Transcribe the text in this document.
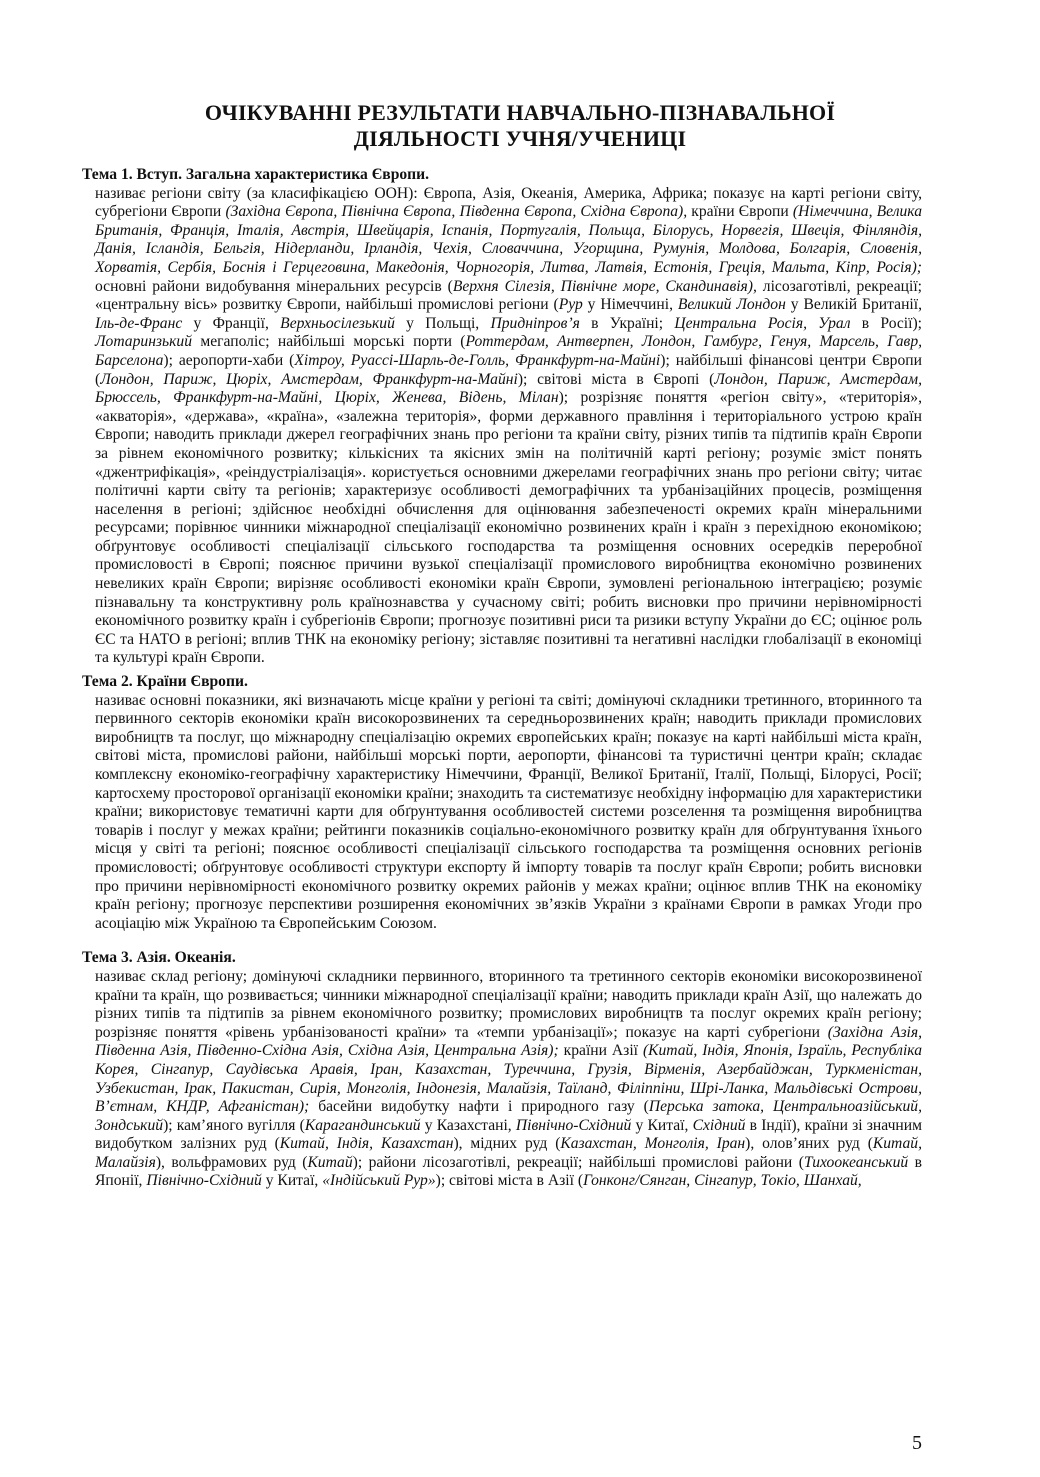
ОЧІКУВАННІ РЕЗУЛЬТАТИ НАВЧАЛЬНО-ПІЗНАВАЛЬНОЇ
ДІЯЛЬНОСТІ УЧНЯ/УЧЕНИЦІ

Тема 1. Вступ. Загальна характеристика Європи.

називає регіони світу (за класифікацією ООН): Європа, Азія, Океанія, Америка, Африка; показує на карті регіони світу, субрегіони Європи (Західна Європа, Північна Європа, Південна Європа, Східна Європа), країни Європи (Німеччина, Велика Британія, Франція, Італія, Австрія, Швейцарія, Іспанія, Португалія, Польща, Білорусь, Норвегія, Швеція, Фінляндія, Данія, Ісландія, Бельгія, Нідерланди, Ірландія, Чехія, Словаччина, Угорщина, Румунія, Молдова, Болгарія, Словенія, Хорватія, Сербія, Боснія і Герцеговина, Македонія, Чорногорія, Литва, Латвія, Естонія, Греція, Мальта, Кіпр, Росія); основні райони видобування мінеральних ресурсів (Верхня Сілезія, Північне море, Скандинавія), лісозаготівлі, рекреації; «центральну вісь» розвитку Європи, найбільші промислові регіони (Рур у Німеччині, Великий Лондон у Великій Британії, Іль-де-Франс у Франції, Верхньосілезький у Польщі, Придніпров’я в Україні; Центральна Росія, Урал в Росії); Лотаринзький мегаполіс; найбільші морські порти (Роттердам, Антверпен, Лондон, Гамбург, Генуя, Марсель, Гавр, Барселона); аеропорти-хаби (Хітроу, Руассі-Шарль-де-Голль, Франкфурт-на-Майні); найбільші фінансові центри Європи (Лондон, Париж, Цюріх, Амстердам, Франкфурт-на-Майні); світові міста в Європі (Лондон, Париж, Амстердам, Брюссель, Франкфурт-на-Майні, Цюріх, Женева, Відень, Мілан); розрізняє поняття «регіон світу», «територія», «акваторія», «держава», «країна», «залежна територія», форми державного правління і територіального устрою країн Європи; наводить приклади джерел географічних знань про регіони та країни світу, різних типів та підтипів країн Європи за рівнем економічного розвитку; кількісних та якісних змін на політичній карті регіону; розуміє зміст понять «джентрифікація», «реіндустріалізація». користується основними джерелами географічних знань про регіони світу; читає політичні карти світу та регіонів; характеризує особливості демографічних та урбанізаційних процесів, розміщення населення в регіоні; здійснює необхідні обчислення для оцінювання забезпеченості окремих країн мінеральними ресурсами; порівнює чинники міжнародної спеціалізації економічно розвинених країн і країн з перехідною економікою; обґрунтовує особливості спеціалізації сільського господарства та розміщення основних осередків переробної промисловості в Європі; пояснює причини вузької спеціалізації промислового виробництва економічно розвинених невеликих країн Європи; вирізняє особливості економіки країн Європи, зумовлені регіональною інтеграцією; розуміє пізнавальну та конструктивну роль країнознавства у сучасному світі; робить висновки про причини нерівномірності економічного розвитку країн і субрегіонів Європи; прогнозує позитивні риси та ризики вступу України до ЄС; оцінює роль ЄС та НАТО в регіоні; вплив ТНК на економіку регіону; зіставляє позитивні та негативні наслідки глобалізації в економіці та культурі країн Європи.

Тема 2. Країни Європи.

називає основні показники, які визначають місце країни у регіоні та світі; домінуючі складники третинного, вторинного та первинного секторів економіки країн високорозвинених та середньорозвинених країн; наводить приклади промислових виробництв та послуг, що міжнародну спеціалізацію окремих європейських країн; показує на карті найбільші міста країн, світові міста, промислові райони, найбільші морські порти, аеропорти, фінансові та туристичні центри країн; складає комплексну економіко-географічну характеристику Німеччини, Франції, Великої Британії, Італії, Польщі, Білорусі, Росії; картосхему просторової організації економіки країни; знаходить та систематизує необхідну інформацію для характеристики країни; використовує тематичні карти для обґрунтування особливостей системи розселення та розміщення виробництва товарів і послуг у межах країни; рейтинги показників соціально-економічного розвитку країн для обґрунтування їхнього місця у світі та регіоні; пояснює особливості спеціалізації сільського господарства та розміщення основних регіонів промисловості; обґрунтовує особливості структури експорту й імпорту товарів та послуг країн Європи; робить висновки про причини нерівномірності економічного розвитку окремих районів у межах країни; оцінює вплив ТНК на економіку країн регіону; прогнозує перспективи розширення економічних зв’язків України з країнами Європи в рамках Угоди про асоціацію між Україною та Європейським Союзом.

Тема 3. Азія. Океанія.

називає склад регіону; домінуючі складники первинного, вторинного та третинного секторів економіки високорозвиненої країни та країн, що розвивається; чинники міжнародної спеціалізації країни; наводить приклади країн Азії, що належать до різних типів та підтипів за рівнем економічного розвитку; промислових виробництв та послуг окремих країн регіону; розрізняє поняття «рівень урбанізованості країни» та «темпи урбанізації»; показує на карті субрегіони (Західна Азія, Південна Азія, Південно-Східна Азія, Східна Азія, Центральна Азія); країни Азії (Китай, Індія, Японія, Ізраїль, Республіка Корея, Сінгапур, Саудівська Аравія, Іран, Казахстан, Туреччина, Грузія, Вірменія, Азербайджан, Туркменістан, Узбекистан, Ірак, Пакистан, Сирія, Монголія, Індонезія, Малайзія, Таїланд, Філіппіни, Шрі-Ланка, Мальдівські Острови, В’єтнам, КНДР, Афганістан); басейни видобутку нафти і природного газу (Перська затока, Центральноазійський, Зондський); кам’яного вугілля (Карагандинський у Казахстані, Північно-Східний у Китаї, Східний в Індії), країни зі значним видобутком залізних руд (Китай, Індія, Казахстан), мідних руд (Казахстан, Монголія, Іран), олов’яних руд (Китай, Малайзія), вольфрамових руд (Китай); райони лісозаготівлі, рекреації; найбільші промислові райони (Тихоокеанський в Японії, Північно-Східний у Китаї, «Індійський Рур»); світові міста в Азії (Гонконг/Сянган, Сінгапур, Токіо, Шанхай,

5
